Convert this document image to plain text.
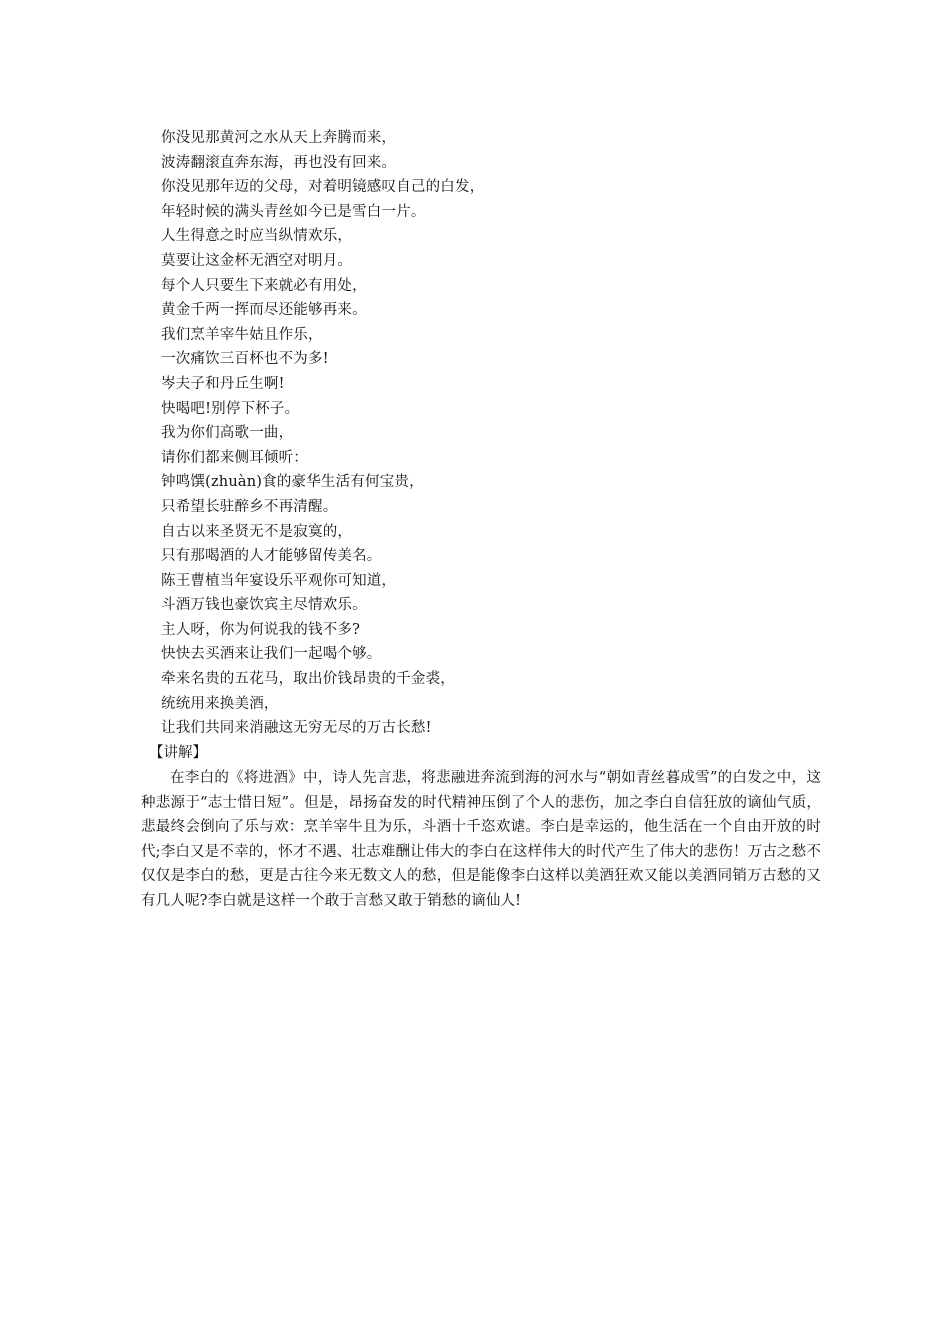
你没见那黄河之水从天上奔腾而来，
波涛翻滚直奔东海，再也没有回来。
你没见那年迈的父母，对着明镜感叹自己的白发，
年轻时候的满头青丝如今已是雪白一片。
人生得意之时应当纵情欢乐，
莫要让这金杯无酒空对明月。
每个人只要生下来就必有用处，
黄金千两一挥而尽还能够再来。
我们烹羊宰牛姑且作乐，
一次痛饮三百杯也不为多!
岑夫子和丹丘生啊!
快喝吧!别停下杯子。
我为你们高歌一曲，
请你们都来侧耳倾听：
钟鸣馔(zhuàn)食的豪华生活有何宝贵，
只希望长驻醉乡不再清醒。
自古以来圣贤无不是寂寞的，
只有那喝酒的人才能够留传美名。
陈王曹植当年宴设乐平观你可知道，
斗酒万钱也豪饮宾主尽情欢乐。
主人呀，你为何说我的钱不多?
快快去买酒来让我们一起喝个够。
牵来名贵的五花马，取出价钱昂贵的千金裘，
统统用来换美酒，
让我们共同来消融这无穷无尽的万古长愁!
【讲解】

在李白的《将进酒》中，诗人先言悲，将悲融进奔流到海的河水与“朝如青丝暮成雪”的白发之中，这种悲源于“志士惜日短”。但是，昂扬奋发的时代精神压倒了个人的悲伤，加之李白自信狂放的谪仙气质，悲最终会倒向了乐与欢：烹羊宰牛且为乐，斗酒十千恣欢谑。李白是幸运的，他生活在一个自由开放的时代;李白又是不幸的，怀才不遇、壮志难酬让伟大的李白在这样伟大的时代产生了伟大的悲伤！万古之愁不仅仅是李白的愁，更是古往今来无数文人的愁，但是能像李白这样以美酒狂欢又能以美酒同销万古愁的又有几人呢?李白就是这样一个敢于言愁又敢于销愁的谪仙人!
